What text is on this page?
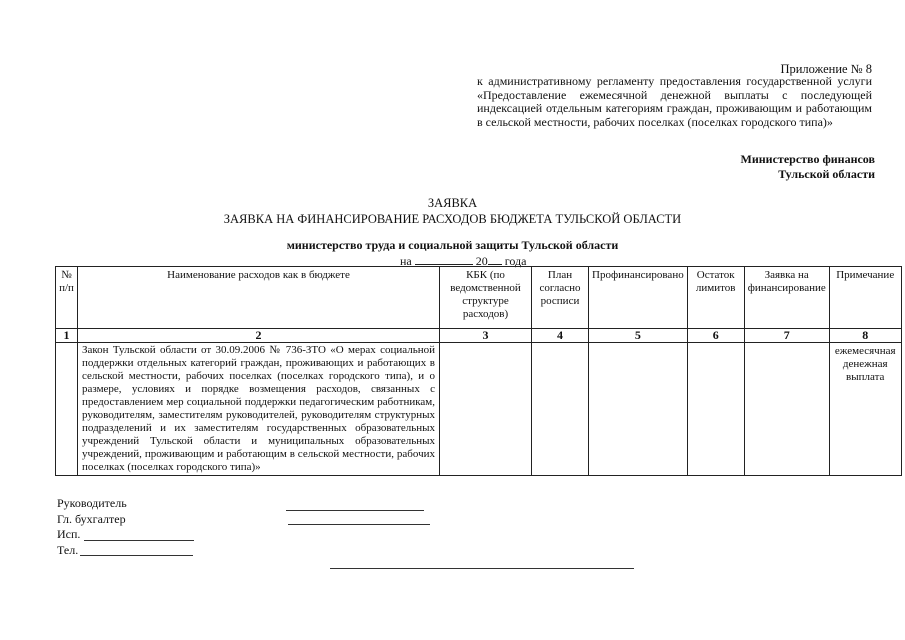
Приложение № 8
к административному регламенту предоставления государственной услуги «Предоставление ежемесячной денежной выплаты с последующей индексацией отдельным категориям граждан, проживающим и работающим в сельской местности, рабочих поселках (поселках городского типа)»
Министерство финансов
Тульской области
ЗАЯВКА
ЗАЯВКА НА ФИНАНСИРОВАНИЕ РАСХОДОВ БЮДЖЕТА ТУЛЬСКОЙ ОБЛАСТИ
министерство труда и социальной защиты Тульской области
на	20 года
№ п/п	Наименование расходов как в бюджете	КБК (по ведомственной структуре расходов)	План согласно росписи	Профинансировано	Остаток лимитов	Заявка на финансирование	Примечание
1	2	3	4	5	6	7	8
	Закон Тульской области от 30.09.2006 № 736-ЗТО «О мерах социальной поддержки отдельных категорий граждан, проживающих и работающих в сельской местности, рабочих поселках (поселках городского типа), и о размере, условиях и порядке возмещения расходов, связанных с предоставлением мер социальной поддержки педагогическим работникам, руководителям, заместителям руководителей, руководителям структурных подразделений и их заместителям государственных образовательных учреждений Тульской области и муниципальных образовательных учреждений, проживающим и работающим в сельской местности, рабочих поселках (поселках городского типа)»						ежемесячная денежная выплата
Руководитель
Гл. бухгалтер
Исп.
Тел.
